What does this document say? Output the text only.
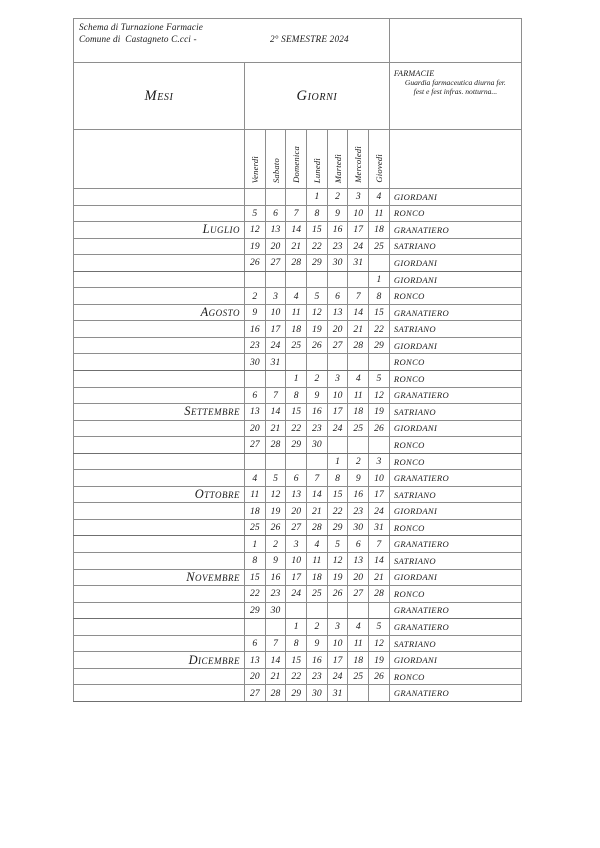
Schema di Turnazione Farmacie
Comune di  Castagneto C.cci - 2° SEMESTRE 2024								

Mesi	Giorni							FARMACIE
Guardia farmaceutica diurna fer.
fest e fest infras. notturna...

	Venerdì	Sabato	Domenica	Lunedì	Martedì	Mercoledì	Giovedì	
				1	2	3	4	GIORDANI
	5	6	7	8	9	10	11	RONCO
Luglio	12	13	14	15	16	17	18	GRANATIERO
	19	20	21	22	23	24	25	SATRIANO
	26	27	28	29	30	31		GIORDANI
							1	GIORDANI
	2	3	4	5	6	7	8	RONCO
Agosto	9	10	11	12	13	14	15	GRANATIERO
	16	17	18	19	20	21	22	SATRIANO
	23	24	25	26	27	28	29	GIORDANI
	30	31						RONCO
			1	2	3	4	5	RONCO
	6	7	8	9	10	11	12	GRANATIERO
Settembre	13	14	15	16	17	18	19	SATRIANO
	20	21	22	23	24	25	26	GIORDANI
	27	28	29	30				RONCO
					1	2	3	RONCO
	4	5	6	7	8	9	10	GRANATIERO
Ottobre	11	12	13	14	15	16	17	SATRIANO
	18	19	20	21	22	23	24	GIORDANI
	25	26	27	28	29	30	31	RONCO
	1	2	3	4	5	6	7	GRANATIERO
	8	9	10	11	12	13	14	SATRIANO
Novembre	15	16	17	18	19	20	21	GIORDANI
	22	23	24	25	26	27	28	RONCO
	29	30						GRANATIERO
			1	2	3	4	5	GRANATIERO
	6	7	8	9	10	11	12	SATRIANO
Dicembre	13	14	15	16	17	18	19	GIORDANI
	20	21	22	23	24	25	26	RONCO
	27	28	29	30	31			GRANATIERO
